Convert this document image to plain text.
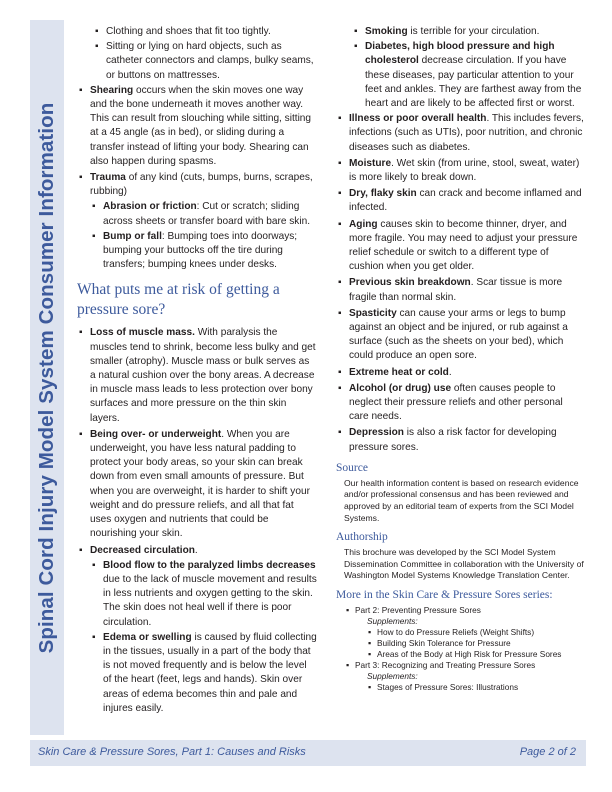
Spinal Cord Injury Model System Consumer Information
▪ Clothing and shoes that fit too tightly.
▪ Sitting or lying on hard objects, such as catheter connectors and clamps, bulky seams, or buttons on mattresses.
▪ Shearing occurs when the skin moves one way and the bone underneath it moves another way. This can result from slouching while sitting, sitting at a 45 angle (as in bed), or sliding during a transfer instead of lifting your body. Shearing can also happen during spasms.
▪ Trauma of any kind (cuts, bumps, burns, scrapes, rubbing)
▪ Abrasion or friction: Cut or scratch; sliding across sheets or transfer board with bare skin.
▪ Bump or fall: Bumping toes into doorways; bumping your buttocks off the tire during transfers; bumping knees under desks.
What puts me at risk of getting a pressure sore?
▪ Loss of muscle mass. With paralysis the muscles tend to shrink, become less bulky and get smaller (atrophy). Muscle mass or bulk serves as a natural cushion over the bony areas. A decrease in muscle mass leads to less protection over bony surfaces and more pressure on the thin skin layers.
▪ Being over- or underweight. When you are underweight, you have less natural padding to protect your body areas, so your skin can break down from even small amounts of pressure. But when you are overweight, it is harder to shift your weight and do pressure reliefs, and all that fat uses oxygen and nutrients that could be nourishing your skin.
▪ Decreased circulation.
▪ Blood flow to the paralyzed limbs decreases due to the lack of muscle movement and results in less nutrients and oxygen getting to the skin. The skin does not heal well if there is poor circulation.
▪ Edema or swelling is caused by fluid collecting in the tissues, usually in a part of the body that is not moved frequently and is below the level of the heart (feet, legs and hands). Skin over areas of edema becomes thin and pale and injures easily.
▪ Smoking is terrible for your circulation.
▪ Diabetes, high blood pressure and high cholesterol decrease circulation. If you have these diseases, pay particular attention to your feet and ankles. They are farthest away from the heart and are likely to be affected first or worst.
▪ Illness or poor overall health. This includes fevers, infections (such as UTIs), poor nutrition, and chronic diseases such as diabetes.
▪ Moisture. Wet skin (from urine, stool, sweat, water) is more likely to break down.
▪ Dry, flaky skin can crack and become inflamed and infected.
▪ Aging causes skin to become thinner, dryer, and more fragile. You may need to adjust your pressure relief schedule or switch to a different type of cushion when you get older.
▪ Previous skin breakdown. Scar tissue is more fragile than normal skin.
▪ Spasticity can cause your arms or legs to bump against an object and be injured, or rub against a surface (such as the sheets on your bed), which could produce an open sore.
▪ Extreme heat or cold.
▪ Alcohol (or drug) use often causes people to neglect their pressure reliefs and other personal care needs.
▪ Depression is also a risk factor for developing pressure sores.
Source
Our health information content is based on research evidence and/or professional consensus and has been reviewed and approved by an editorial team of experts from the SCI Model Systems.
Authorship
This brochure was developed by the SCI Model System Dissemination Committee in collaboration with the University of Washington Model Systems Knowledge Translation Center.
More in the Skin Care & Pressure Sores series:
▪ Part 2: Preventing Pressure Sores
Supplements:
▪ How to do Pressure Reliefs (Weight Shifts)
▪ Building Skin Tolerance for Pressure
▪ Areas of the Body at High Risk for Pressure Sores
▪ Part 3: Recognizing and Treating Pressure Sores
Supplements:
▪ Stages of Pressure Sores: Illustrations
Skin Care & Pressure Sores, Part 1: Causes and Risks	Page 2 of 2
